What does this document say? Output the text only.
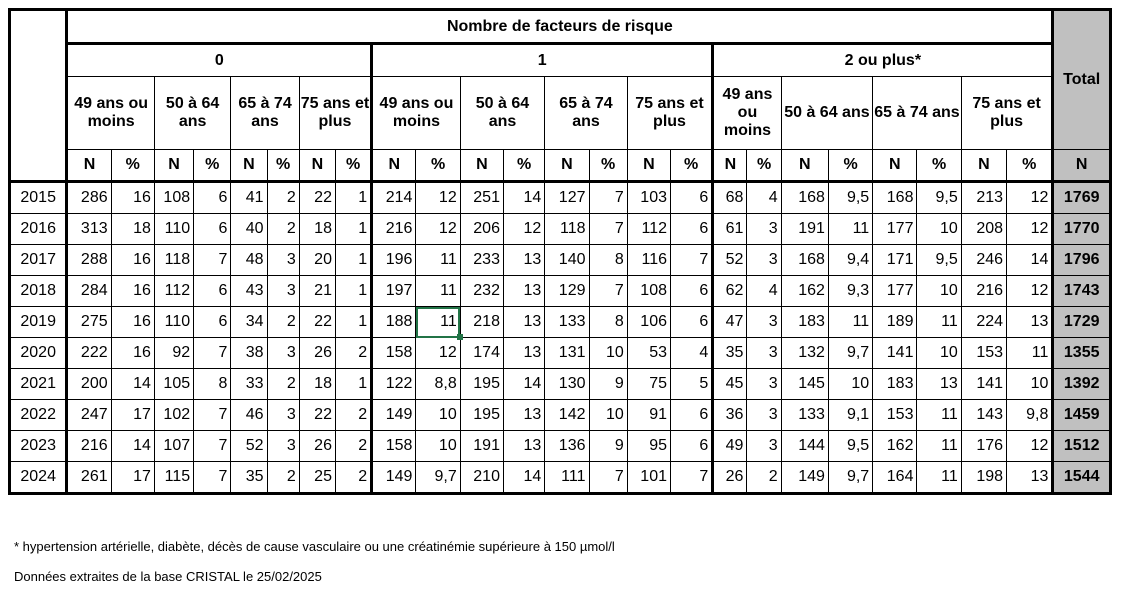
	Nombre de facteurs de risque																								Total
	0								1								2 ou plus*								
	49 ans ou moins		50 à 64 ans		65 à 74 ans		75 ans et plus		49 ans ou moins		50 à 64 ans		65 à 74 ans		75 ans et plus		49 ans ou moins		50 à 64 ans		65 à 74 ans		75 ans et plus		
	N	%	N	%	N	%	N	%	N	%	N	%	N	%	N	%	N	%	N	%	N	%	N	%	N
2015	286	16	108	6	41	2	22	1	214	12	251	14	127	7	103	6	68	4	168	9,5	168	9,5	213	12	1769
2016	313	18	110	6	40	2	18	1	216	12	206	12	118	7	112	6	61	3	191	11	177	10	208	12	1770
2017	288	16	118	7	48	3	20	1	196	11	233	13	140	8	116	7	52	3	168	9,4	171	9,5	246	14	1796
2018	284	16	112	6	43	3	21	1	197	11	232	13	129	7	108	6	62	4	162	9,3	177	10	216	12	1743
2019	275	16	110	6	34	2	22	1	188	11	218	13	133	8	106	6	47	3	183	11	189	11	224	13	1729
2020	222	16	92	7	38	3	26	2	158	12	174	13	131	10	53	4	35	3	132	9,7	141	10	153	11	1355
2021	200	14	105	8	33	2	18	1	122	8,8	195	14	130	9	75	5	45	3	145	10	183	13	141	10	1392
2022	247	17	102	7	46	3	22	2	149	10	195	13	142	10	91	6	36	3	133	9,1	153	11	143	9,8	1459
2023	216	14	107	7	52	3	26	2	158	10	191	13	136	9	95	6	49	3	144	9,5	162	11	176	12	1512
2024	261	17	115	7	35	2	25	2	149	9,7	210	14	111	7	101	7	26	2	149	9,7	164	11	198	13	1544
* hypertension artérielle, diabète, décès de cause vasculaire ou une créatinémie supérieure à 150 µmol/l
Données extraites de la base CRISTAL le 25/02/2025
